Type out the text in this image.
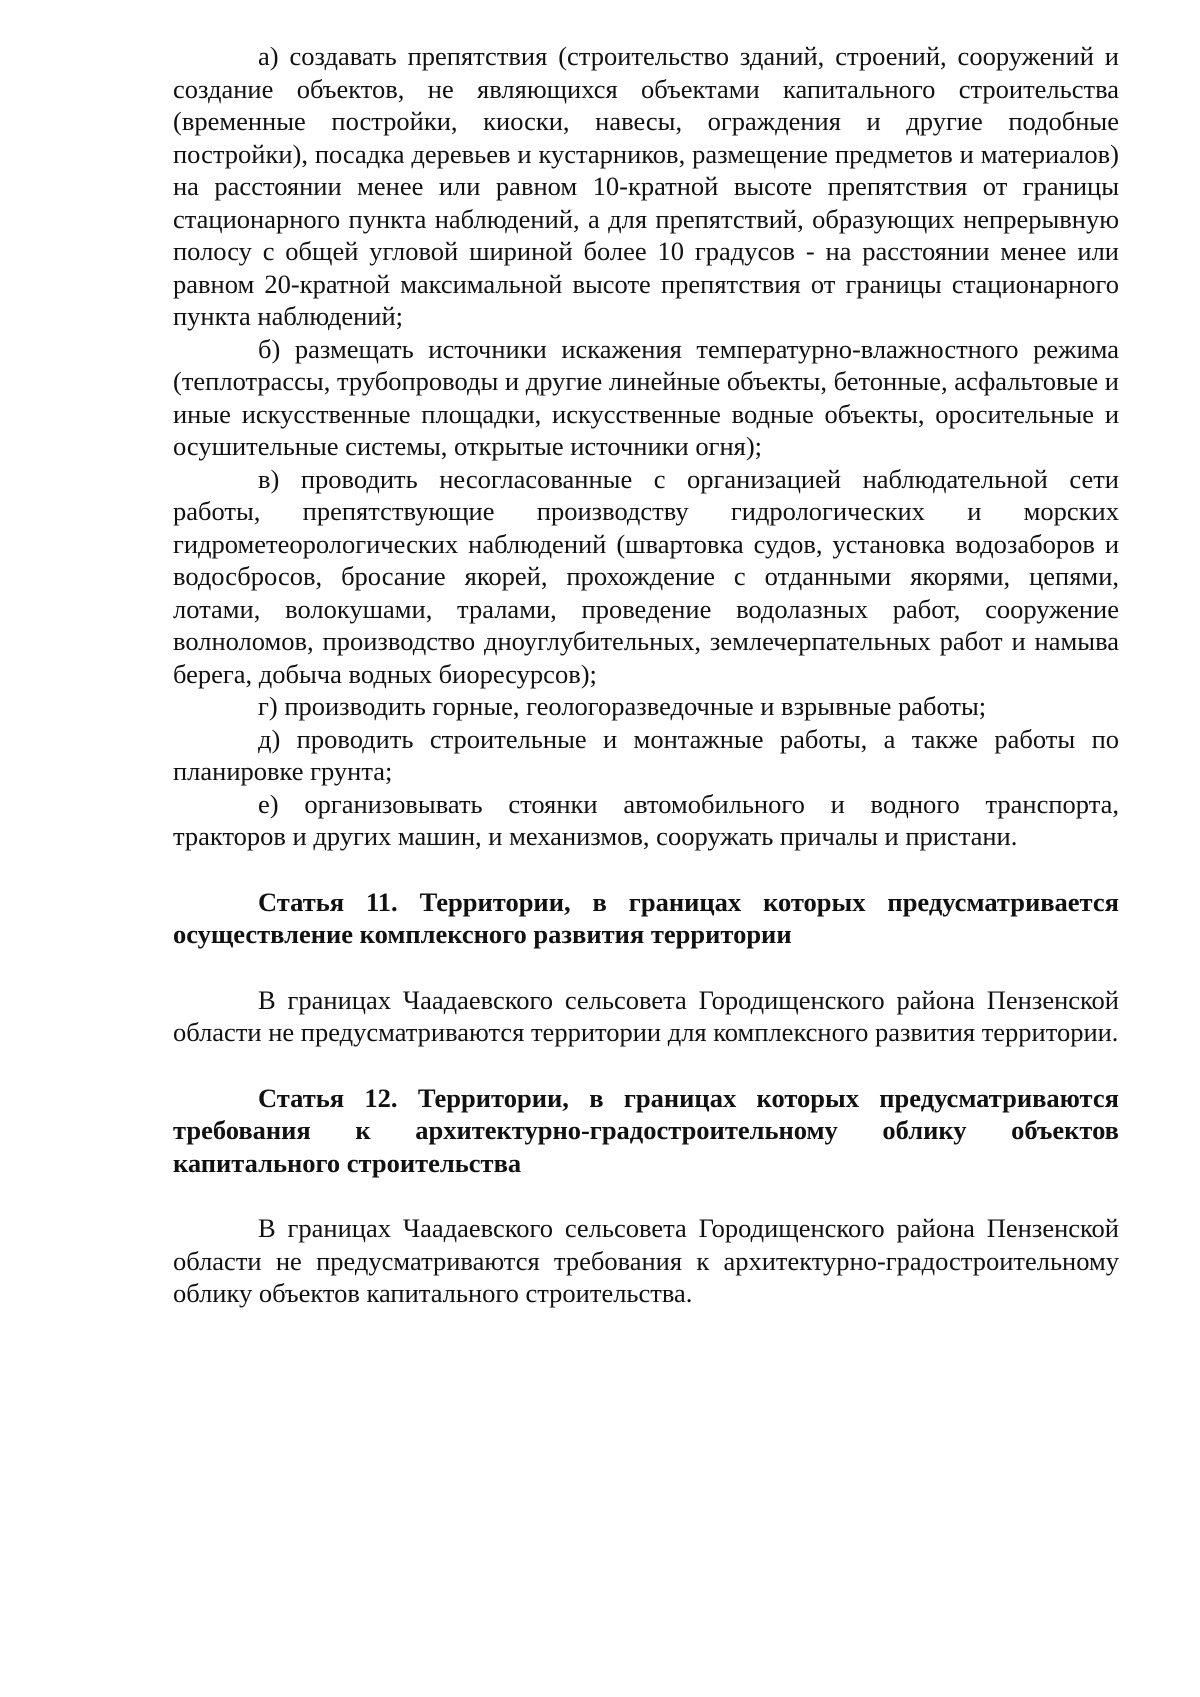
а) создавать препятствия (строительство зданий, строений, сооружений и создание объектов, не являющихся объектами капитального строительства (временные постройки, киоски, навесы, ограждения и другие подобные постройки), посадка деревьев и кустарников, размещение предметов и материалов) на расстоянии менее или равном 10-кратной высоте препятствия от границы стационарного пункта наблюдений, а для препятствий, образующих непрерывную полосу с общей угловой шириной более 10 градусов - на расстоянии менее или равном 20-кратной максимальной высоте препятствия от границы стационарного пункта наблюдений;

б) размещать источники искажения температурно-влажностного режима (теплотрассы, трубопроводы и другие линейные объекты, бетонные, асфальтовые и иные искусственные площадки, искусственные водные объекты, оросительные и осушительные системы, открытые источники огня);

в) проводить несогласованные с организацией наблюдательной сети работы, препятствующие производству гидрологических и морских гидрометеорологических наблюдений (швартовка судов, установка водозаборов и водосбросов, бросание якорей, прохождение с отданными якорями, цепями, лотами, волокушами, тралами, проведение водолазных работ, сооружение волноломов, производство дноуглубительных, землечерпательных работ и намыва берега, добыча водных биоресурсов);

г) производить горные, геологоразведочные и взрывные работы;

д) проводить строительные и монтажные работы, а также работы по планировке грунта;

е) организовывать стоянки автомобильного и водного транспорта, тракторов и других машин, и механизмов, сооружать причалы и пристани.

Статья 11. Территории, в границах которых предусматривается осуществление комплексного развития территории

В границах Чаадаевского сельсовета Городищенского района Пензенской области не предусматриваются территории для комплексного развития территории.

Статья 12. Территории, в границах которых предусматриваются требования к архитектурно-градостроительному облику объектов капитального строительства

В границах Чаадаевского сельсовета Городищенского района Пензенской области не предусматриваются требования к архитектурно-градостроительному облику объектов капитального строительства.
